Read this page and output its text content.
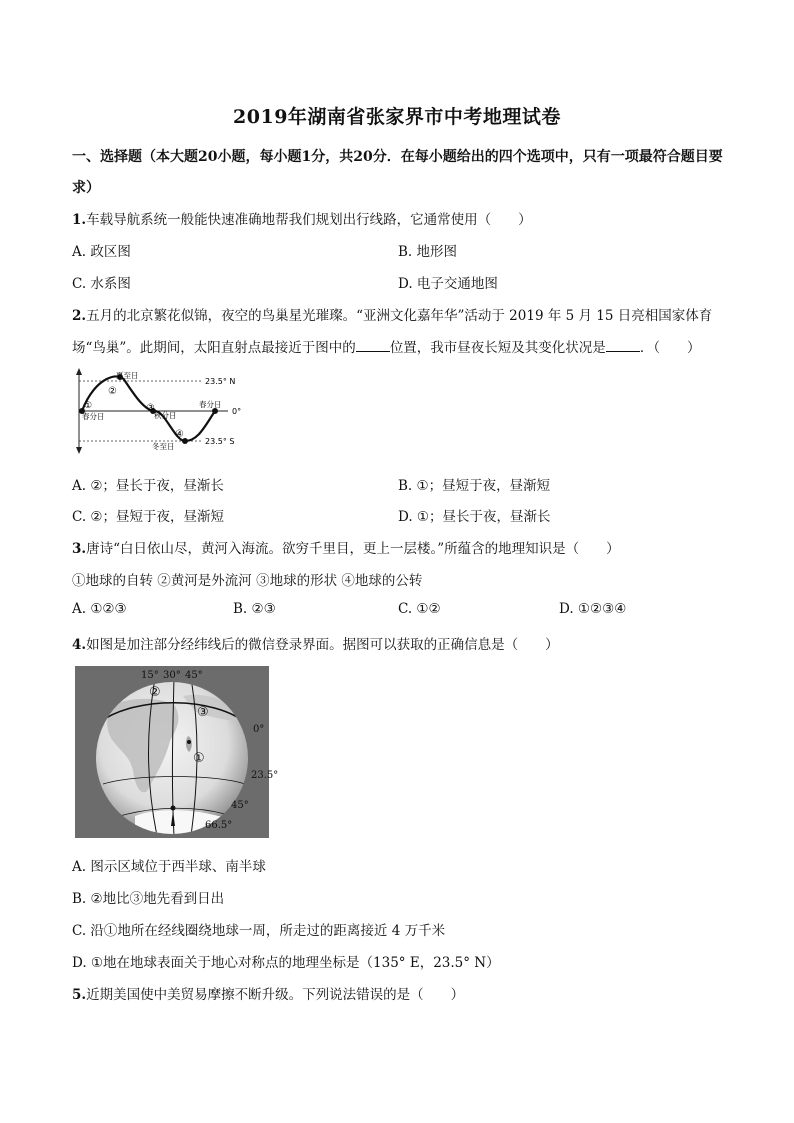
2019年湖南省张家界市中考地理试卷
一、选择题（本大题20小题，每小题1分，共20分．在每小题给出的四个选项中，只有一项最符合题目要求）
1.车载导航系统一般能快速准确地帮我们规划出行线路，它通常使用（　　）
A. 政区图	B. 地形图
C. 水系图	D. 电子交通地图
2.五月的北京繁花似锦，夜空的鸟巢星光璀璨。“亚洲文化嘉年华”活动于 2019 年 5 月 15 日亮相国家体育
场“鸟巢”。此期间，太阳直射点最接近于图中的	位置，我市昼夜长短及其变化状况是	．（　　）
夏至日
②
①
春分日
③
秋分日
春分日
④
冬至日
23.5° N
0°
23.5° S
A. ②；昼长于夜，昼渐长	B. ①；昼短于夜，昼渐短
C. ②；昼短于夜，昼渐短	D. ①；昼长于夜，昼渐长
3.唐诗“白日依山尽，黄河入海流。欲穷千里目，更上一层楼。”所蕴含的地理知识是（　　）
①地球的自转 ②黄河是外流河 ③地球的形状 ④地球的公转
A. ①②③	B. ②③	C. ①②	D. ①②③④
4.如图是加注部分经纬线后的微信登录界面。据图可以获取的正确信息是（　　）
15° 30° 45°
②
③
①
0°
23.5°
45°
66.5°
A. 图示区域位于西半球、南半球
B. ②地比③地先看到日出
C. 沿①地所在经线圈绕地球一周，所走过的距离接近 4 万千米
D. ①地在地球表面关于地心对称点的地理坐标是（135° E，23.5° N）
5.近期美国使中美贸易摩擦不断升级。下列说法错误的是（　　）
